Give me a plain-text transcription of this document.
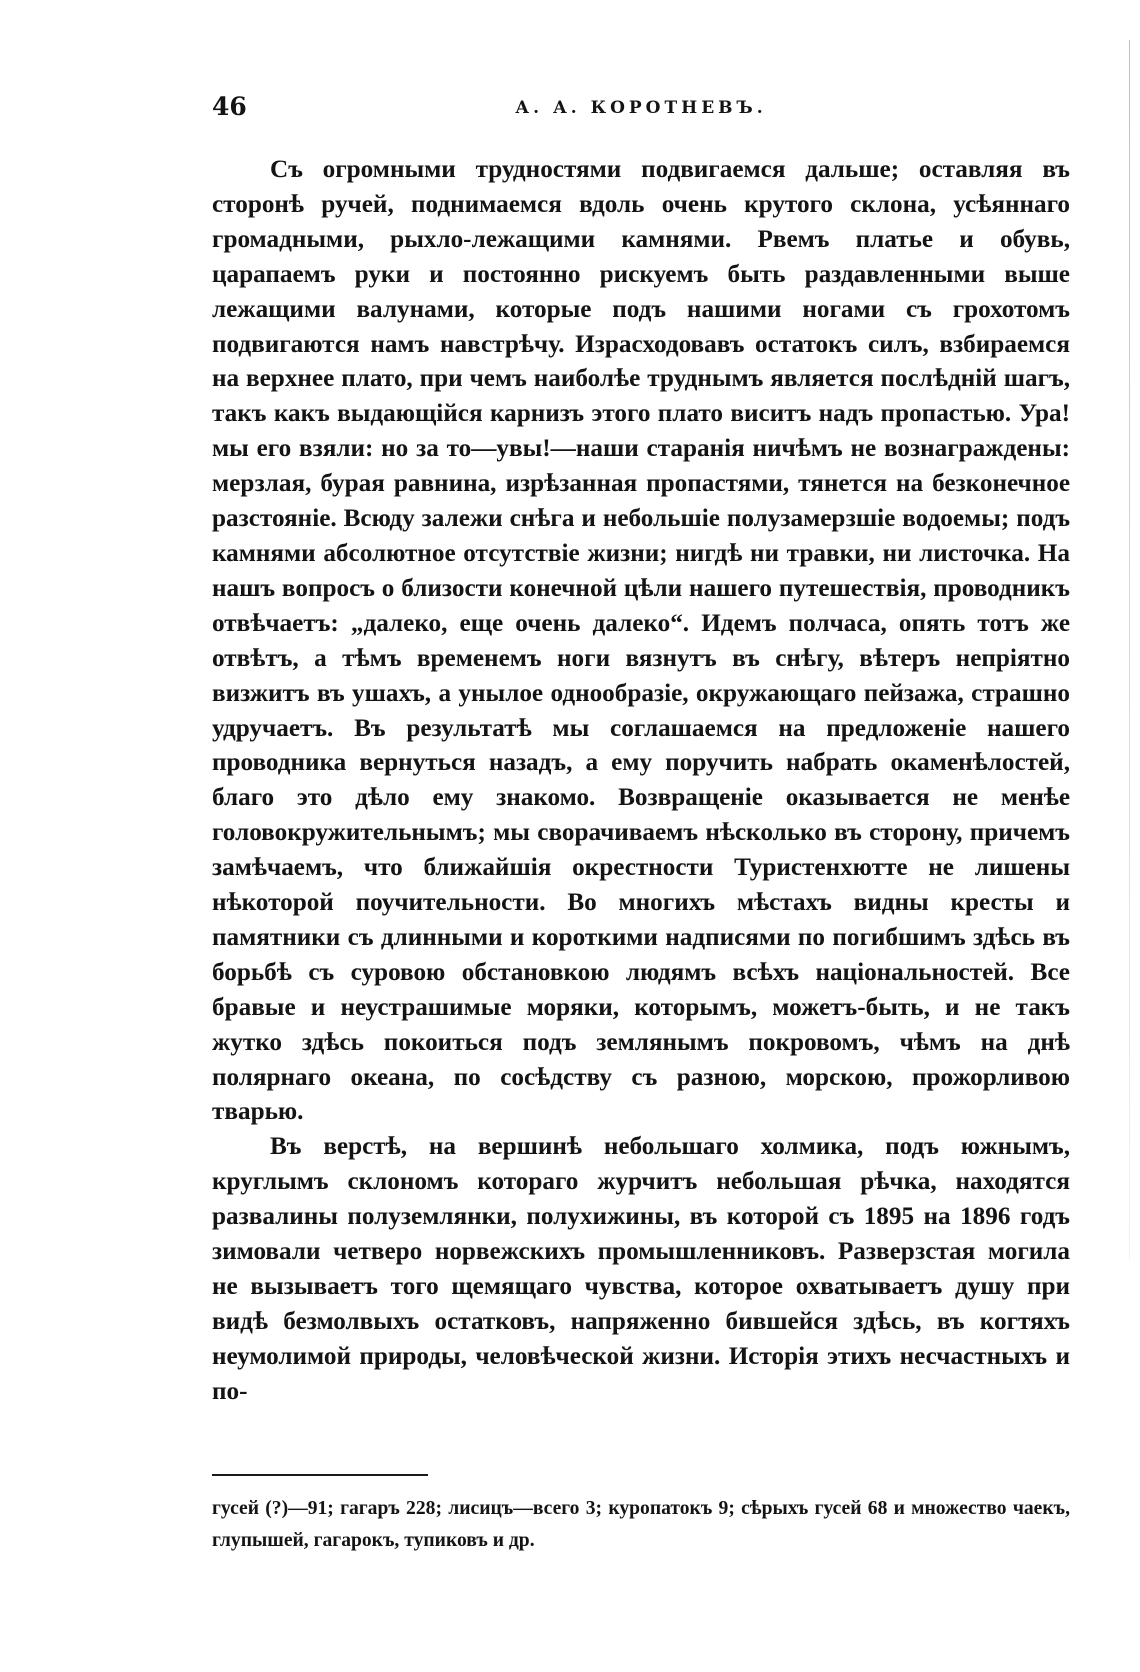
46	А. А. КОРОТНЕВЪ.

Съ огромными трудностями подвигаемся дальше; оставляя въ сторонѣ ручей, поднимаемся вдоль очень крутого склона, усѣяннаго громадными, рыхло-лежащими камнями. Рвемъ платье и обувь, царапаемъ руки и постоянно рискуемъ быть раздавленными выше лежащими валунами, которые подъ нашими ногами съ грохотомъ подвигаются намъ навстрѣчу. Израсходовавъ остатокъ силъ, взбираемся на верхнее плато, при чемъ наиболѣе труднымъ является послѣднiй шагъ, такъ какъ выдающiйся карнизъ этого плато виситъ надъ пропастью. Ура! мы его взяли: но за то—увы!—наши старанiя ничѣмъ не вознаграждены: мерзлая, бурая равнина, изрѣзанная пропастями, тянется на безконечное разстоянiе. Всюду залежи снѣга и небольшiе полузамерзшiе водоемы; подъ камнями абсолютное отсутствiе жизни; нигдѣ ни травки, ни листочка. На нашъ вопросъ о близости конечной цѣли нашего путешествiя, проводникъ отвѣчаетъ: „далеко, еще очень далеко“. Идемъ полчаса, опять тотъ же отвѣтъ, а тѣмъ временемъ ноги вязнутъ въ снѣгу, вѣтеръ непрiятно визжитъ въ ушахъ, а унылое однообразiе, окружающаго пейзажа, страшно удручаетъ. Въ результатѣ мы соглашаемся на предложенiе нашего проводника вернуться назадъ, а ему поручить набрать окаменѣлостей, благо это дѣло ему знакомо. Возвращенiе оказывается не менѣе головокружительнымъ; мы сворачиваемъ нѣсколько въ сторону, причемъ замѣчаемъ, что ближайшiя окрестности Туристенхютте не лишены нѣкоторой поучительности. Во многихъ мѣстахъ видны кресты и памятники съ длинными и короткими надписями по погибшимъ здѣсь въ борьбѣ съ суровою обстановкою людямъ всѣхъ нацiональностей. Все бравые и неустрашимые моряки, которымъ, можетъ-быть, и не такъ жутко здѣсь покоиться подъ землянымъ покровомъ, чѣмъ на днѣ полярнаго океана, по сосѣдству съ разною, морскою, прожорливою тварью.

Въ верстѣ, на вершинѣ небольшаго холмика, подъ южнымъ, круглымъ склономъ котораго журчитъ небольшая рѣчка, находятся развалины полуземлянки, полухижины, въ которой съ 1895 на 1896 годъ зимовали четверо норвежскихъ промышленниковъ. Разверзстая могила не вызываетъ того щемящаго чувства, которое охватываетъ душу при видѣ безмолвыхъ остатковъ, напряженно бившейся здѣсь, въ когтяхъ неумолимой природы, человѣческой жизни. Исторiя этихъ несчастныхъ и по-

гусей (?)—91; гагаръ 228; лисицъ—всего 3; куропатокъ 9; сѣрыхъ гусей 68 и множество чаекъ, глупышей, гагарокъ, тупиковъ и др.
